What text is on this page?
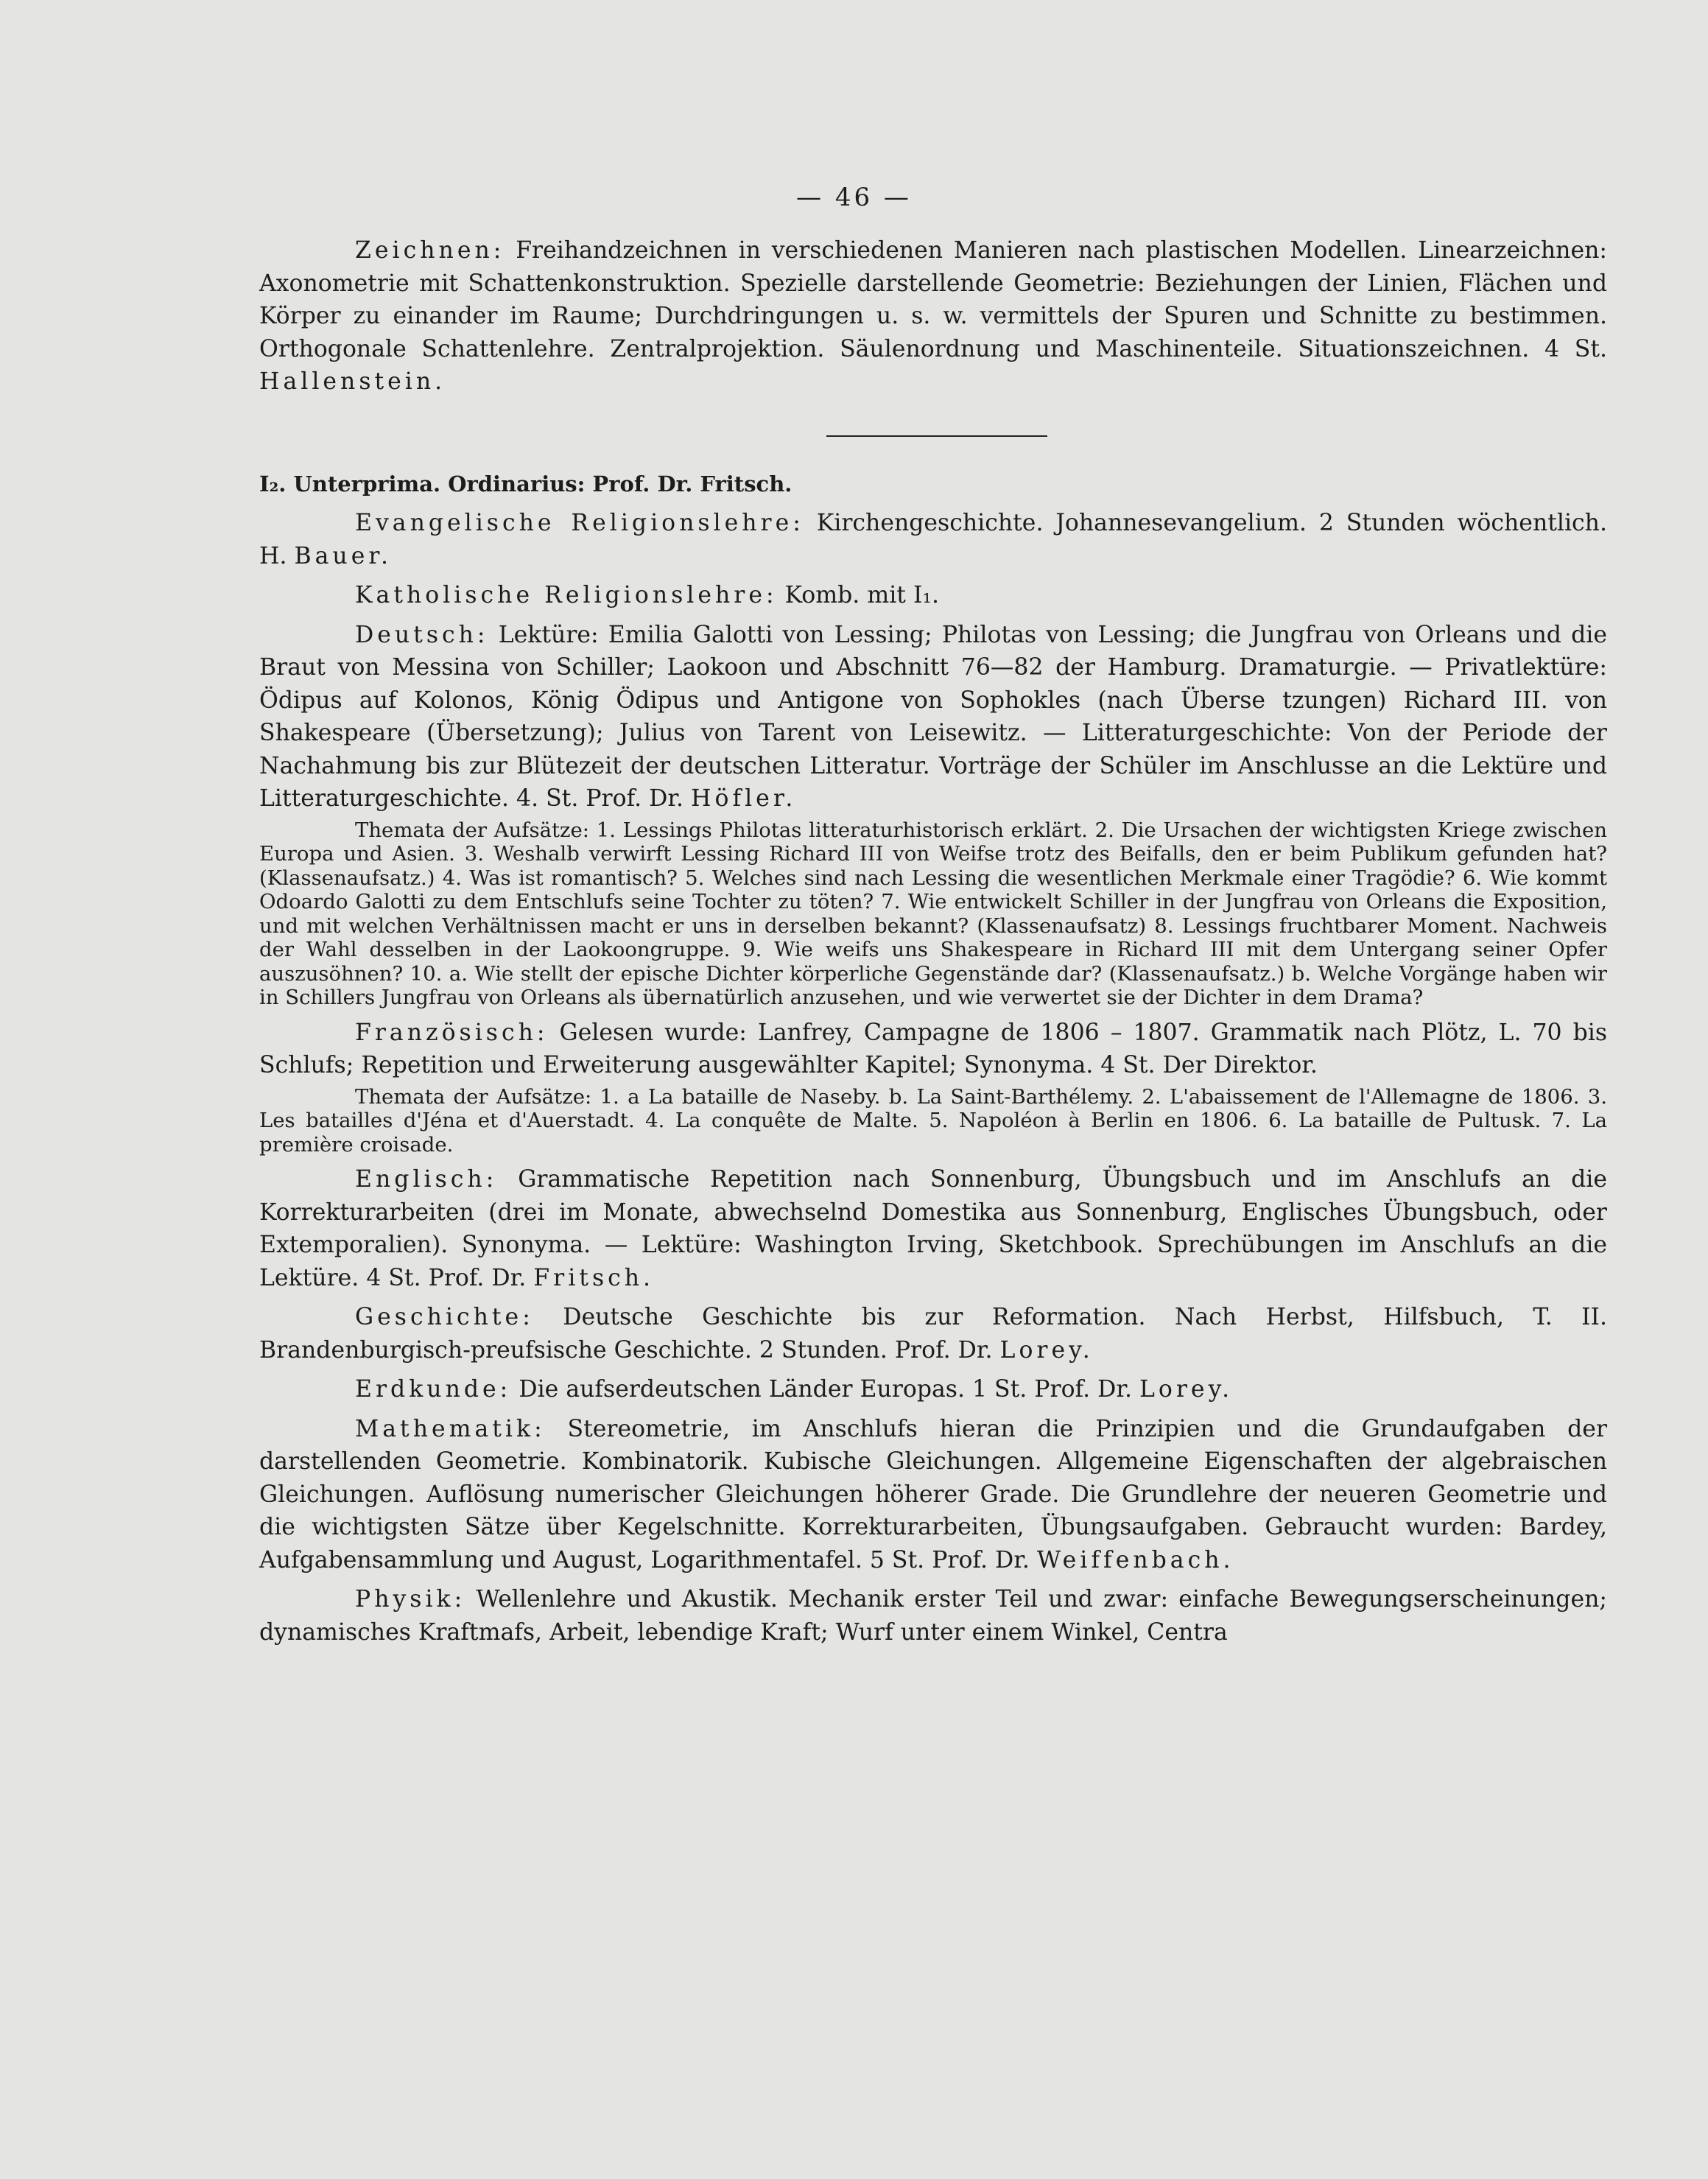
— 46 —

Zeichnen: Freihandzeichnen in verschiedenen Manieren nach plastischen Modellen. Linearzeichnen: Axonometrie mit Schattenkonstruktion. Spezielle darstellende Geometrie: Beziehungen der Linien, Flächen und Körper zu einander im Raume; Durchdringungen u. s. w. vermittels der Spuren und Schnitte zu bestimmen. Orthogonale Schattenlehre. Zentralprojektion. Säulenordnung und Maschinenteile. Situationszeichnen. 4 St. Hallenstein.

I₂. Unterprima. Ordinarius: Prof. Dr. Fritsch.

Evangelische Religionslehre: Kirchengeschichte. Johannesevangelium. 2 Stunden wöchentlich. H. Bauer.

Katholische Religionslehre: Komb. mit I₁.

Deutsch: Lektüre: Emilia Galotti von Lessing; Philotas von Lessing; die Jungfrau von Orleans und die Braut von Messina von Schiller; Laokoon und Abschnitt 76—82 der Hamburg. Dramaturgie. — Privatlektüre: Ödipus auf Kolonos, König Ödipus und Antigone von Sophokles (nach Überse tzungen) Richard III. von Shakespeare (Übersetzung); Julius von Tarent von Leisewitz. — Litteraturgeschichte: Von der Periode der Nachahmung bis zur Blütezeit der deutschen Litteratur. Vorträge der Schüler im Anschlusse an die Lektüre und Litteraturgeschichte. 4. St. Prof. Dr. Höfler.

Themata der Aufsätze: 1. Lessings Philotas litteraturhistorisch erklärt. 2. Die Ursachen der wichtigsten Kriege zwischen Europa und Asien. 3. Weshalb verwirft Lessing Richard III von Weifse trotz des Beifalls, den er beim Publikum gefunden hat? (Klassenaufsatz.) 4. Was ist romantisch? 5. Welches sind nach Lessing die wesentlichen Merkmale einer Tragödie? 6. Wie kommt Odoardo Galotti zu dem Entschlufs seine Tochter zu töten? 7. Wie entwickelt Schiller in der Jungfrau von Orleans die Exposition, und mit welchen Verhältnissen macht er uns in derselben bekannt? (Klassenaufsatz) 8. Lessings fruchtbarer Moment. Nachweis der Wahl desselben in der Laokoongruppe. 9. Wie weifs uns Shakespeare in Richard III mit dem Untergang seiner Opfer auszusöhnen? 10. a. Wie stellt der epische Dichter körperliche Gegenstände dar? (Klassenaufsatz.) b. Welche Vorgänge haben wir in Schillers Jungfrau von Orleans als übernatürlich anzusehen, und wie verwertet sie der Dichter in dem Drama?

Französisch: Gelesen wurde: Lanfrey, Campagne de 1806 – 1807. Grammatik nach Plötz, L. 70 bis Schlufs; Repetition und Erweiterung ausgewählter Kapitel; Synonyma. 4 St. Der Direktor.

Themata der Aufsätze: 1. a La bataille de Naseby. b. La Saint-Barthélemy. 2. L'abaissement de l'Allemagne de 1806. 3. Les batailles d'Jéna et d'Auerstadt. 4. La conquête de Malte. 5. Napoléon à Berlin en 1806. 6. La bataille de Pultusk. 7. La première croisade.

Englisch: Grammatische Repetition nach Sonnenburg, Übungsbuch und im Anschlufs an die Korrekturarbeiten (drei im Monate, abwechselnd Domestika aus Sonnenburg, Englisches Übungsbuch, oder Extemporalien). Synonyma. — Lektüre: Washington Irving, Sketchbook. Sprechübungen im Anschlufs an die Lektüre. 4 St. Prof. Dr. Fritsch.

Geschichte: Deutsche Geschichte bis zur Reformation. Nach Herbst, Hilfsbuch, T. II. Brandenburgisch-preufsische Geschichte. 2 Stunden. Prof. Dr. Lorey.

Erdkunde: Die aufserdeutschen Länder Europas. 1 St. Prof. Dr. Lorey.

Mathematik: Stereometrie, im Anschlufs hieran die Prinzipien und die Grundaufgaben der darstellenden Geometrie. Kombinatorik. Kubische Gleichungen. Allgemeine Eigenschaften der algebraischen Gleichungen. Auflösung numerischer Gleichungen höherer Grade. Die Grundlehre der neueren Geometrie und die wichtigsten Sätze über Kegelschnitte. Korrekturarbeiten, Übungsaufgaben. Gebraucht wurden: Bardey, Aufgabensammlung und August, Logarithmentafel. 5 St. Prof. Dr. Weiffenbach.

Physik: Wellenlehre und Akustik. Mechanik erster Teil und zwar: einfache Bewegungserscheinungen; dynamisches Kraftmafs, Arbeit, lebendige Kraft; Wurf unter einem Winkel, Centra
